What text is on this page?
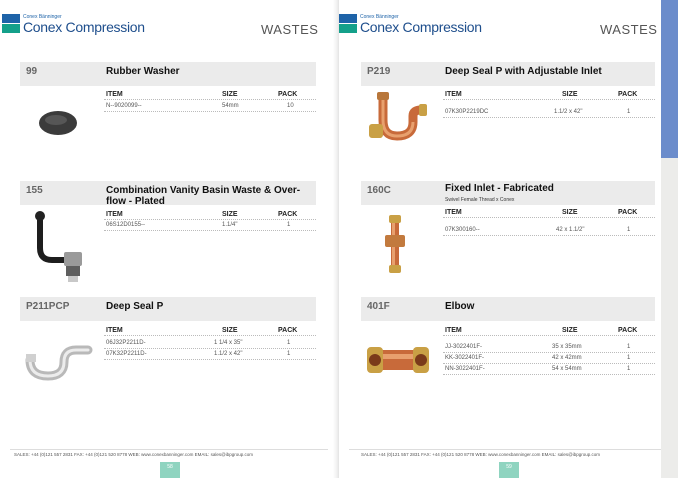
Conex Bänninger
Conex Compression	WASTES
99	Rubber Washer
ITEM	SIZE	PACK
N--9020099--	54mm	10
155	Combination Vanity Basin Waste & Over-flow - Plated
ITEM	SIZE	PACK
06S12D0155--	1.1/4"	1
P211PCP	Deep Seal P
ITEM	SIZE	PACK
06J32P2211D-	1 1/4 x 35"	1
07K32P2211D-	1.1/2 x 42"	1
SALES: +44 (0)121 557 2831 FAX: +44 (0)121 520 8778 WEB: www.conexbanninger.com EMAIL: sales@ibpgroup.com
58
Conex Bänninger
Conex Compression	WASTES
P219	Deep Seal P with Adjustable Inlet
ITEM	SIZE	PACK
07K30P2219DC	1.1/2 x 42"	1
160C	Fixed Inlet - Fabricated
Swivel Female Thread x Conex
ITEM	SIZE	PACK
07K300160--	42 x 1.1/2"	1
401F	Elbow
ITEM	SIZE	PACK
JJ-3022401F-	35 x 35mm	1
KK-3022401F-	42 x 42mm	1
NN-3022401F-	54 x 54mm	1
SALES: +44 (0)121 557 2831 FAX: +44 (0)121 520 8778 WEB: www.conexbanninger.com EMAIL: sales@ibpgroup.com
59
